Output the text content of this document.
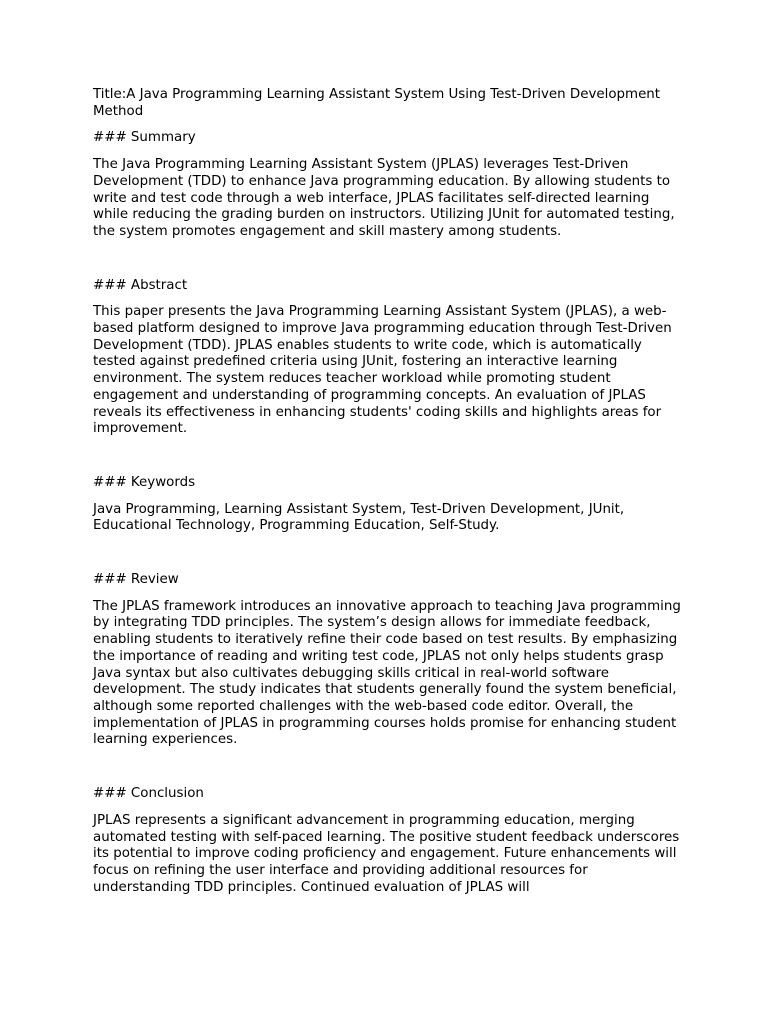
Title:A Java Programming Learning Assistant System Using Test-Driven Development Method
### Summary
The Java Programming Learning Assistant System (JPLAS) leverages Test-Driven Development (TDD) to enhance Java programming education. By allowing students to write and test code through a web interface, JPLAS facilitates self-directed learning while reducing the grading burden on instructors. Utilizing JUnit for automated testing, the system promotes engagement and skill mastery among students.
### Abstract
This paper presents the Java Programming Learning Assistant System (JPLAS), a web-based platform designed to improve Java programming education through Test-Driven Development (TDD). JPLAS enables students to write code, which is automatically tested against predefined criteria using JUnit, fostering an interactive learning environment. The system reduces teacher workload while promoting student engagement and understanding of programming concepts. An evaluation of JPLAS reveals its effectiveness in enhancing students' coding skills and highlights areas for improvement.
### Keywords
Java Programming, Learning Assistant System, Test-Driven Development, JUnit, Educational Technology, Programming Education, Self-Study.
### Review
The JPLAS framework introduces an innovative approach to teaching Java programming by integrating TDD principles. The system’s design allows for immediate feedback, enabling students to iteratively refine their code based on test results. By emphasizing the importance of reading and writing test code, JPLAS not only helps students grasp Java syntax but also cultivates debugging skills critical in real-world software development. The study indicates that students generally found the system beneficial, although some reported challenges with the web-based code editor. Overall, the implementation of JPLAS in programming courses holds promise for enhancing student learning experiences.
### Conclusion
JPLAS represents a significant advancement in programming education, merging automated testing with self-paced learning. The positive student feedback underscores its potential to improve coding proficiency and engagement. Future enhancements will focus on refining the user interface and providing additional resources for understanding TDD principles. Continued evaluation of JPLAS will
